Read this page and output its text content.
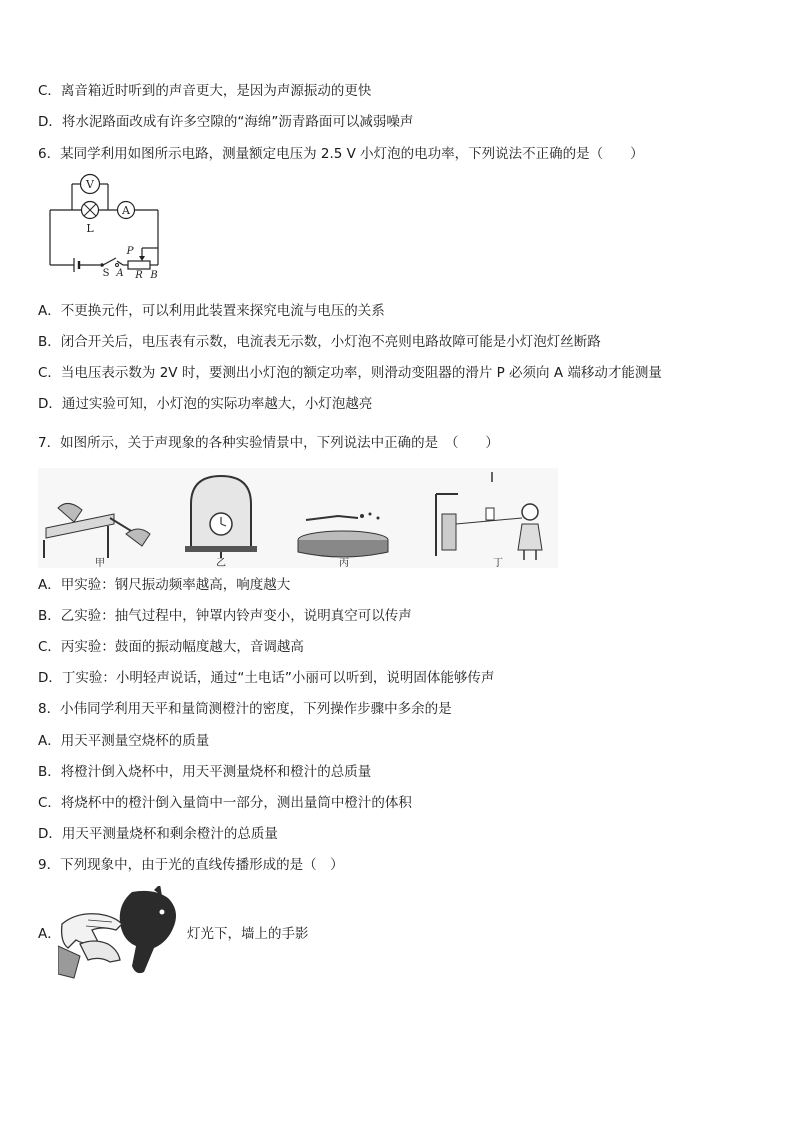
C．离音箱近时听到的声音更大，是因为声源振动的更快
D．将水泥路面改成有许多空隙的“海绵”沥青路面可以减弱噪声
6．某同学利用如图所示电路，测量额定电压为 2.5 V 小灯泡的电功率，下列说法不正确的是（　　）
V
L
A
S
P
A R B
A．不更换元件，可以利用此装置来探究电流与电压的关系
B．闭合开关后，电压表有示数，电流表无示数，小灯泡不亮则电路故障可能是小灯泡灯丝断路
C．当电压表示数为 2V 时，要测出小灯泡的额定功率，则滑动变阻器的滑片 P 必须向 A 端移动才能测量
D．通过实验可知，小灯泡的实际功率越大，小灯泡越亮
7．如图所示，关于声现象的各种实验情景中，下列说法中正确的是　（　　）
甲	乙	丙	丁
A．甲实验：钢尺振动频率越高，响度越大
B．乙实验：抽气过程中，钟罩内铃声变小，说明真空可以传声
C．丙实验：鼓面的振动幅度越大，音调越高
D．丁实验：小明轻声说话，通过“土电话”小丽可以听到，说明固体能够传声
8．小伟同学利用天平和量筒测橙汁的密度，下列操作步骤中多余的是
A．用天平测量空烧杯的质量
B．将橙汁倒入烧杯中，用天平测量烧杯和橙汁的总质量
C．将烧杯中的橙汁倒入量筒中一部分，测出量筒中橙汁的体积
D．用天平测量烧杯和剩余橙汁的总质量
9．下列现象中，由于光的直线传播形成的是（　）
A．	灯光下，墙上的手影
